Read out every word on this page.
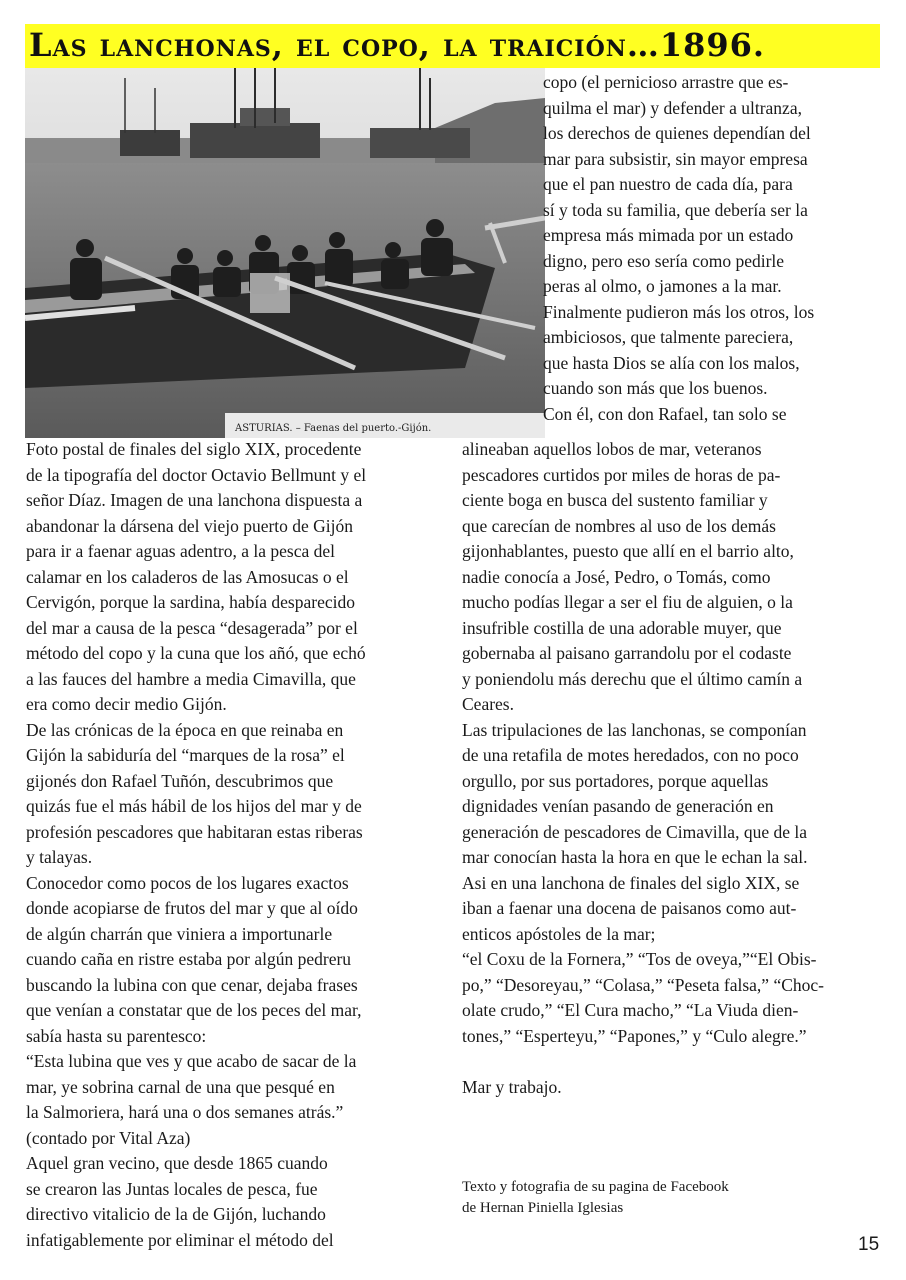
Las lanchonas, el copo, la traición…1896.
ASTURIAS. – Faenas del puerto.-Gijón.
copo (el pernicioso arrastre que es-
quilma el mar) y defender a ultranza,
los derechos de quienes dependían del
mar para subsistir, sin mayor empresa
que el pan nuestro de cada día, para
sí y toda su familia, que debería ser la
empresa más mimada por un estado
digno, pero eso sería como pedirle
peras al olmo, o jamones a la mar.
Finalmente pudieron más los otros, los
ambiciosos, que talmente pareciera,
que hasta Dios se alía con los malos,
cuando son más que los buenos.
Con él, con don Rafael, tan solo se
Foto postal de finales del siglo XIX, procedente
de la tipografía del doctor Octavio Bellmunt y el
señor Díaz. Imagen de una lanchona dispuesta a
abandonar la dársena del viejo puerto de Gijón
para ir a faenar aguas adentro, a la pesca del
calamar en los caladeros de las Amosucas o el
Cervigón, porque la sardina, había desparecido
del mar a causa de la pesca “desagerada” por el
método del copo y la cuna que los añó, que echó
a las fauces del hambre a media Cimavilla, que
era como decir medio Gijón.
De las crónicas de la época en que reinaba en
Gijón la sabiduría del “marques de la rosa” el
gijonés don Rafael Tuñón, descubrimos que
quizás fue el más hábil de los hijos del mar y de
profesión pescadores que habitaran estas riberas
y talayas.
Conocedor como pocos de los lugares exactos
donde acopiarse de frutos del mar y que al oído
de algún charrán que viniera a importunarle
cuando caña en ristre estaba por algún pedreru
buscando la lubina con que cenar, dejaba frases
que venían a constatar que de los peces del mar,
sabía hasta su parentesco:
“Esta lubina que ves y que acabo de sacar de la
mar, ye sobrina carnal de una que pesqué en
la Salmoriera, hará una o dos semanes atrás.”
(contado por Vital Aza)
Aquel gran vecino, que desde 1865 cuando
se crearon las Juntas locales de pesca, fue
directivo vitalicio de la de Gijón, luchando
infatigablemente por eliminar el método del
alineaban aquellos lobos de mar, veteranos
pescadores curtidos por miles de horas de pa-
ciente boga en busca del sustento familiar y
que carecían de nombres al uso de los demás
gijonhablantes, puesto que allí en el barrio alto,
nadie conocía a José, Pedro, o Tomás, como
mucho podías llegar a ser el fiu de alguien, o la
insufrible costilla de una adorable muyer, que
gobernaba al paisano garrandolu por el codaste
y poniendolu más derechu que el último camín a
Ceares.
Las tripulaciones de las lanchonas, se componían
de una retafila de motes heredados, con no poco
orgullo, por sus portadores, porque aquellas
dignidades venían pasando de generación en
generación de pescadores de Cimavilla, que de la
mar conocían hasta la hora en que le echan la sal.
Asi en una lanchona de finales del siglo XIX, se
iban a faenar una docena de paisanos como aut-
enticos apóstoles de la mar;
“el Coxu de la Fornera,” “Tos de oveya,”“El Obis-
po,” “Desoreyau,” “Colasa,” “Peseta falsa,” “Choc-
olate crudo,” “El Cura macho,” “La Viuda dien-
tones,” “Esperteyu,” “Papones,” y “Culo alegre.”
Mar y trabajo.
Texto y fotografia de su pagina de Facebook
de Hernan Piniella Iglesias
15
